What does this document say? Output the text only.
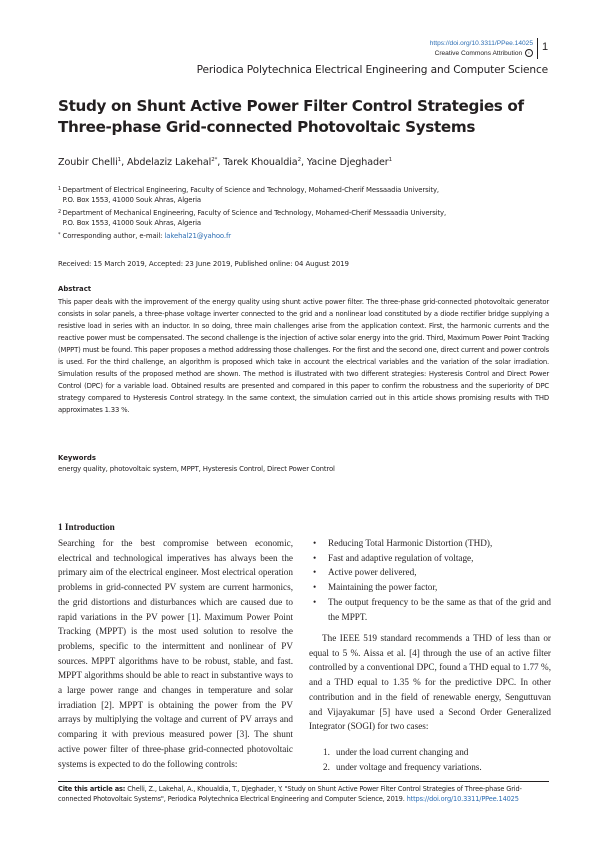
https://doi.org/10.3311/PPee.14025
Creative Commons Attribution i	1
Periodica Polytechnica Electrical Engineering and Computer Science
Study on Shunt Active Power Filter Control Strategies of
Three-phase Grid-connected Photovoltaic Systems
Zoubir Chelli$^1$, Abdelaziz Lakehal$^{2*}$, Tarek Khoualdia$^2$, Yacine Djeghader$^1$
1 Department of Electrical Engineering, Faculty of Science and Technology, Mohamed-Cherif Messaadia University,
P.O. Box 1553, 41000 Souk Ahras, Algeria
2 Department of Mechanical Engineering, Faculty of Science and Technology, Mohamed-Cherif Messaadia University,
P.O. Box 1553, 41000 Souk Ahras, Algeria
* Corresponding author, e-mail: lakehal21@yahoo.fr
Received: 15 March 2019, Accepted: 23 June 2019, Published online: 04 August 2019
Abstract

This paper deals with the improvement of the energy quality using shunt active power filter. The three-phase grid-connected photovoltaic generator consists in solar panels, a three-phase voltage inverter connected to the grid and a nonlinear load constituted by a diode rectifier bridge supplying a resistive load in series with an inductor. In so doing, three main challenges arise from the application context. First, the harmonic currents and the reactive power must be compensated. The second challenge is the injection of active solar energy into the grid. Third, Maximum Power Point Tracking (MPPT) must be found. This paper proposes a method addressing those challenges. For the first and the second one, direct current and power controls is used. For the third challenge, an algorithm is proposed which take in account the electrical variables and the variation of the solar irradiation. Simulation results of the proposed method are shown. The method is illustrated with two different strategies: Hysteresis Control and Direct Power Control (DPC) for a variable load. Obtained results are presented and compared in this paper to confirm the robustness and the superiority of DPC strategy compared to Hysteresis Control strategy. In the same context, the simulation carried out in this article shows promising results with THD approximates 1.33 %.

Keywords
energy quality, photovoltaic system, MPPT, Hysteresis Control, Direct Power Control
1 Introduction

Searching for the best compromise between economic, electrical and technological imperatives has always been the primary aim of the electrical engineer. Most electrical operation problems in grid-connected PV system are current harmonics, the grid distortions and disturbances which are caused due to rapid variations in the PV power [1]. Maximum Power Point Tracking (MPPT) is the most used solution to resolve the problems, specific to the intermittent and nonlinear of PV sources. MPPT algorithms have to be robust, stable, and fast. MPPT algorithms should be able to react in substantive ways to a large power range and changes in temperature and solar irradiation [2]. MPPT is obtaining the power from the PV arrays by multiplying the voltage and current of PV arrays and comparing it with previous measured power [3]. The shunt active power filter of three-phase grid-connected photovoltaic systems is expected to do the following controls:

• Reducing Total Harmonic Distortion (THD),
• Fast and adaptive regulation of voltage,
• Active power delivered,
• Maintaining the power factor,
• The output frequency to be the same as that of the grid and the MPPT.

The IEEE 519 standard recommends a THD of less than or equal to 5 %. Aissa et al. [4] through the use of an active filter controlled by a conventional DPC, found a THD equal to 1.77 %, and a THD equal to 1.35 % for the predictive DPC. In other contribution and in the field of renewable energy, Senguttuvan and Vijayakumar [5] have used a Second Order Generalized Integrator (SOGI) for two cases:

1. under the load current changing and
2. under voltage and frequency variations.

Cite this article as: Chelli, Z., Lakehal, A., Khoualdia, T., Djeghader, Y. "Study on Shunt Active Power Filter Control Strategies of Three-phase Grid-connected Photovoltaic Systems", Periodica Polytechnica Electrical Engineering and Computer Science, 2019. https://doi.org/10.3311/PPee.14025
